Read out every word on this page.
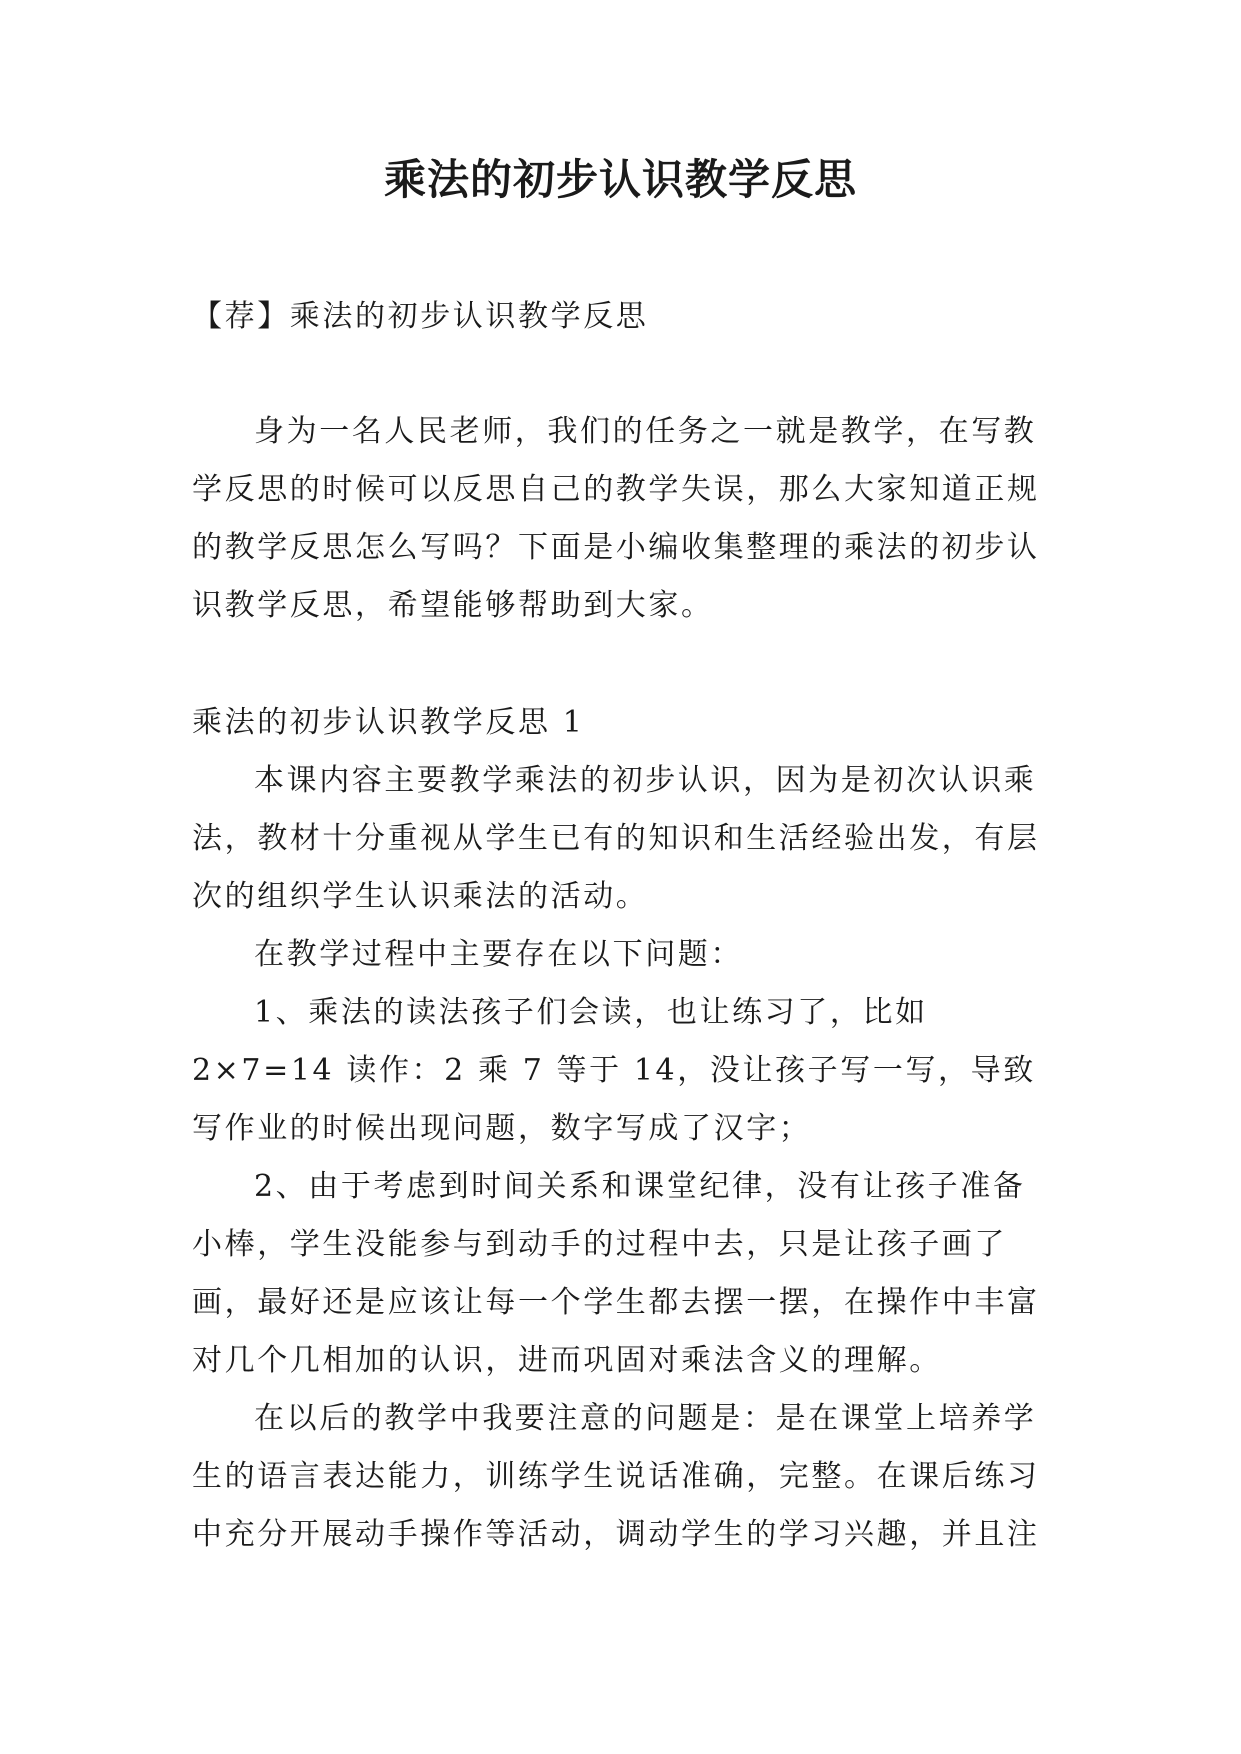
乘法的初步认识教学反思
【荐】乘法的初步认识教学反思

身为一名人民老师，我们的任务之一就是教学，在写教学反思的时候可以反思自己的教学失误，那么大家知道正规的教学反思怎么写吗？下面是小编收集整理的乘法的初步认识教学反思，希望能够帮助到大家。

乘法的初步认识教学反思 1

本课内容主要教学乘法的初步认识，因为是初次认识乘法，教材十分重视从学生已有的知识和生活经验出发，有层次的组织学生认识乘法的活动。

在教学过程中主要存在以下问题：

1、乘法的读法孩子们会读，也让练习了，比如 2×7=14 读作：2 乘 7 等于 14，没让孩子写一写，导致写作业的时候出现问题，数字写成了汉字；

2、由于考虑到时间关系和课堂纪律，没有让孩子准备小棒，学生没能参与到动手的过程中去，只是让孩子画了画，最好还是应该让每一个学生都去摆一摆，在操作中丰富对几个几相加的认识，进而巩固对乘法含义的理解。

在以后的教学中我要注意的问题是：是在课堂上培养学生的语言表达能力，训练学生说话准确，完整。在课后练习中充分开展动手操作等活动，调动学生的学习兴趣，并且注
